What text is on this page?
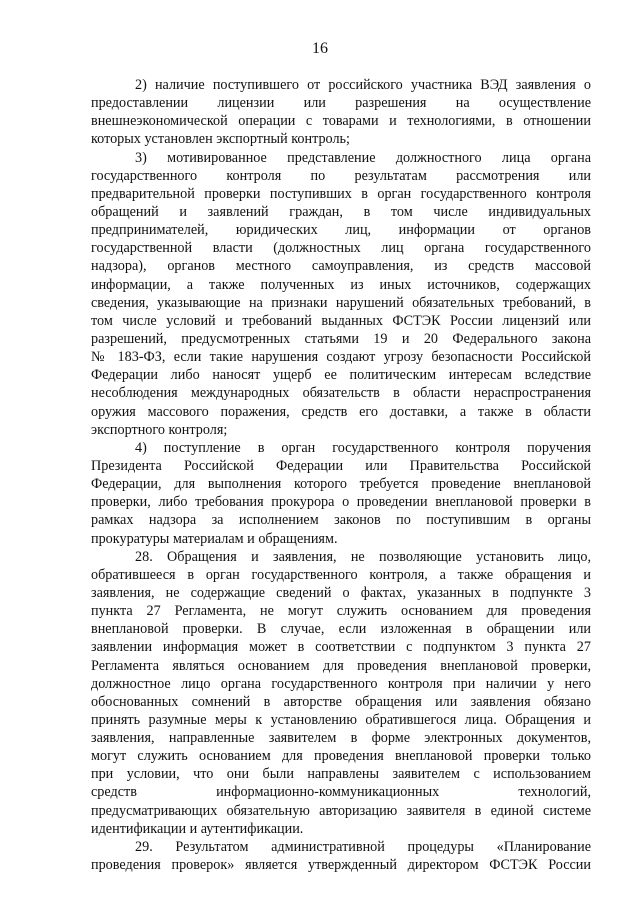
16
2) наличие поступившего от российского участника ВЭД заявления о
предоставлении лицензии или разрешения на осуществление
внешнеэкономической операции с товарами и технологиями, в отношении
которых установлен экспортный контроль;
3) мотивированное представление должностного лица органа
государственного контроля по результатам рассмотрения или
предварительной проверки поступивших в орган государственного контроля
обращений и заявлений граждан, в том числе индивидуальных
предпринимателей, юридических лиц, информации от органов
государственной власти (должностных лиц органа государственного
надзора), органов местного самоуправления, из средств массовой
информации, а также полученных из иных источников, содержащих
сведения, указывающие на признаки нарушений обязательных требований, в
том числе условий и требований выданных ФСТЭК России лицензий или
разрешений, предусмотренных статьями 19 и 20 Федерального закона
№ 183-ФЗ, если такие нарушения создают угрозу безопасности Российской
Федерации либо наносят ущерб ее политическим интересам вследствие
несоблюдения международных обязательств в области нераспространения
оружия массового поражения, средств его доставки, а также в области
экспортного контроля;
4) поступление в орган государственного контроля поручения
Президента Российской Федерации или Правительства Российской
Федерации, для выполнения которого требуется проведение внеплановой
проверки, либо требования прокурора о проведении внеплановой проверки в
рамках надзора за исполнением законов по поступившим в органы
прокуратуры материалам и обращениям.
28. Обращения и заявления, не позволяющие установить лицо,
обратившееся в орган государственного контроля, а также обращения и
заявления, не содержащие сведений о фактах, указанных в подпункте 3
пункта 27 Регламента, не могут служить основанием для проведения
внеплановой проверки. В случае, если изложенная в обращении или
заявлении информация может в соответствии с подпунктом 3 пункта 27
Регламента являться основанием для проведения внеплановой проверки,
должностное лицо органа государственного контроля при наличии у него
обоснованных сомнений в авторстве обращения или заявления обязано
принять разумные меры к установлению обратившегося лица. Обращения и
заявления, направленные заявителем в форме электронных документов,
могут служить основанием для проведения внеплановой проверки только
при условии, что они были направлены заявителем с использованием
средств информационно-коммуникационных технологий,
предусматривающих обязательную авторизацию заявителя в единой системе
идентификации и аутентификации.
29. Результатом административной процедуры «Планирование
проведения проверок» является утвержденный директором ФСТЭК России
